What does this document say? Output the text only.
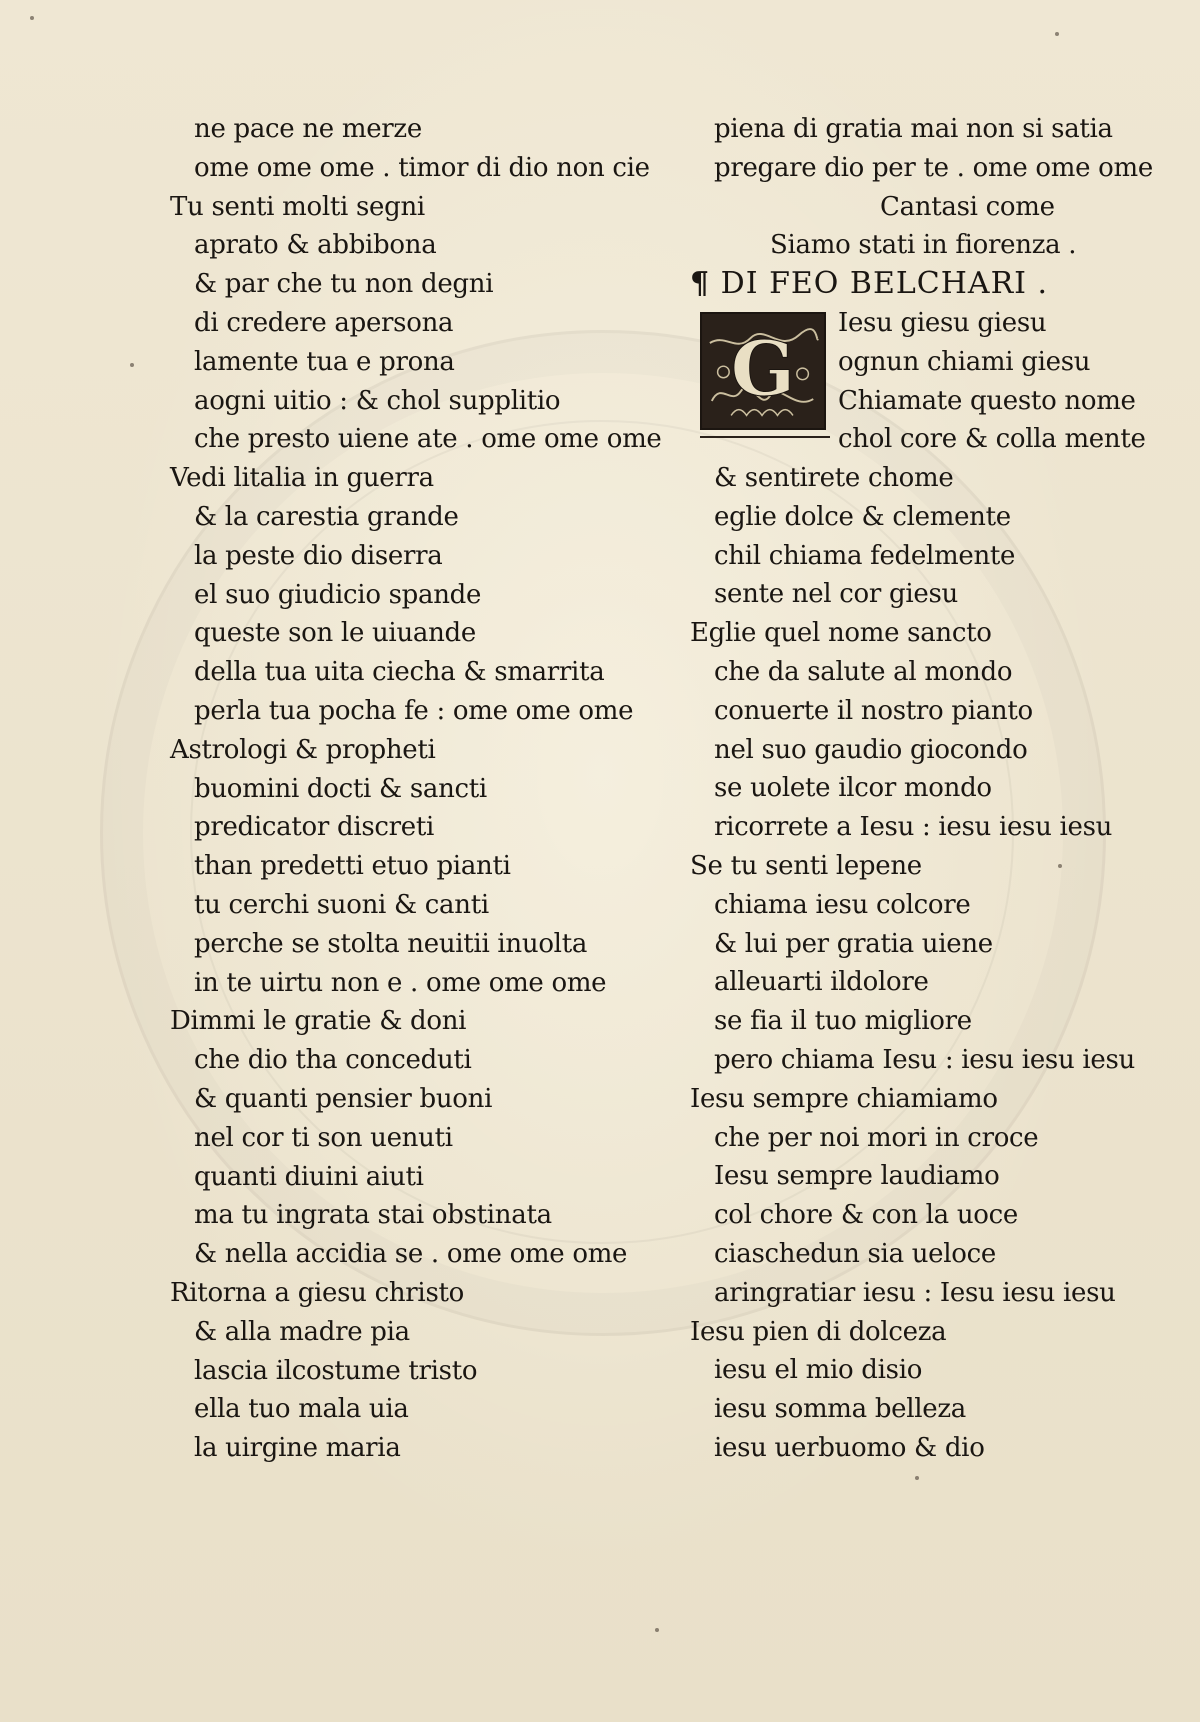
ne pace ne merze
ome ome ome . timor di dio non cie
Tu senti molti segni
aprato & abbibona
& par che tu non degni
di credere apersona
lamente tua e prona
aogni uitio : & chol supplitio
che presto uiene ate . ome ome ome
Vedi litalia in guerra
& la carestia grande
la peste dio diserra
el suo giudicio spande
queste son le uiuande
della tua uita ciecha & smarrita
perla tua pocha fe : ome ome ome
Astrologi & propheti
buomini docti & sancti
predicator discreti
than predetti etuo pianti
tu cerchi suoni & canti
perche se stolta neuitii inuolta
in te uirtu non e . ome ome ome
Dimmi le gratie & doni
che dio tha conceduti
& quanti pensier buoni
nel cor ti son uenuti
quanti diuini aiuti
ma tu ingrata stai obstinata
& nella accidia se . ome ome ome
Ritorna a giesu christo
& alla madre pia
lascia ilcostume tristo
ella tuo mala uia
la uirgine maria
piena di gratia mai non si satia
pregare dio per te . ome ome ome
Cantasi come
Siamo stati in fiorenza .
¶ DI FEO BELCHARI .
G
Iesu giesu giesu
ognun chiami giesu
Chiamate questo nome
chol core & colla mente
& sentirete chome
eglie dolce & clemente
chil chiama fedelmente
sente nel cor giesu
Eglie quel nome sancto
che da salute al mondo
conuerte il nostro pianto
nel suo gaudio giocondo
se uolete ilcor mondo
ricorrete a Iesu : iesu iesu iesu
Se tu senti lepene
chiama iesu colcore
& lui per gratia uiene
alleuarti ildolore
se fia il tuo migliore
pero chiama Iesu : iesu iesu iesu
Iesu sempre chiamiamo
che per noi mori in croce
Iesu sempre laudiamo
col chore & con la uoce
ciaschedun sia ueloce
aringratiar iesu : Iesu iesu iesu
Iesu pien di dolceza
iesu el mio disio
iesu somma belleza
iesu uerbuomo & dio
